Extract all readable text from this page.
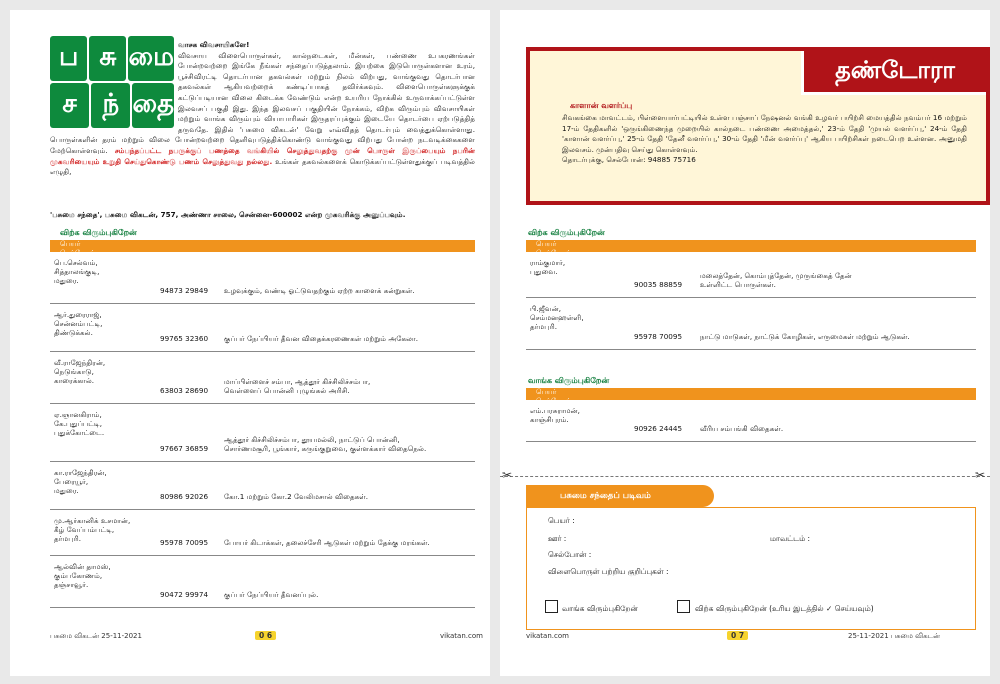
ப சு மை
ச ந் தை
வாசக விவசாயிகளே!
விவசாய விளைபொருள்கள், கால்நடைகள், மீன்கள், பண்ணை உபகரணங்கள் போன்றவற்றை இங்கே நீங்கள் சந்தைப்படுத்தலாம். இயற்கை இடுபொருள்களான உரம், பூச்சிவிரட்டி தொடர்பான தகவல்கள் மற்றும் நிலம் விற்பது, வாங்குவது தொடர்பான தகவல்கள் ஆகியவற்றைக் கண்டிப்பாகத் தவிர்க்கவும். விளைபொருள்களுக்குக் கட்டுப்படியான விலை கிடைக்க வேண்டும் என்ற உயரிய நோக்கில் உருவாக்கப்பட்டுள்ள இலவசப் பகுதி இது. இந்த இலவசப் பகுதியின் நோக்கம், விற்க விரும்பும் விவசாயிகள் மற்றும் வாங்க விரும்பும் வியாபாரிகள் இருதரப்புக்கும் இடையே தொடர்பை ஏற்படுத்தித் தருவதே. இதில் 'பசுமை விகடன்' வேறு எவ்விதத் தொடர்பும் வைத்துக்கொள்ளாது. பொருள்களின் தரம் மற்றும் விலை போன்றவற்றை தெளிவுபடுத்திக்கொண்டு வாங்குவது விற்பது போன்ற நடவடிக்கைகளை மேற்கொள்ளவும். சம்பந்தப்பட்ட நபருக்குப் பணத்தை வங்கியில் செலுத்துவதற்கு முன் பொருள் இருப்பையும் நபரின் முகவரியையும் உறுதி செய்துகொண்டு பணம் செலுத்துவது நல்லது. உங்கள் தகவல்களைக் கொடுக்கப்பட்டுள்ளதுக்குப் படிவத்தில் எழுதி,
'பசுமை சந்தை', பசுமை விகடன், 757, அண்ணா சாலை, சென்னை-600002 என்ற முகவரிக்கு அனுப்பவும்.
விற்க விரும்புகிறேன்
பெயர்
செல்போன்
விளைபொருள்கள்
பெ.செல்வம்,
சித்தாலங்குடி,
மதுரை.
94873 29849	உழவுக்கும், வண்டி ஓட்டுவதற்கும் ஏற்ற காளைக் கன்றுகள்.
ஆர்.துரைராஜ்,
சென்னம்பட்டி,
திண்டுக்கல்.
99765 32360	குப்பர் நேப்பியர் தீவன விதைக்கரணைகள் மற்றும் அகேலா.
வீ.ராஜேந்திரன்,
நெடுங்காடு,
காரைக்கால்.
63803 28690
மாப்பிள்ளைச் சம்பா, ஆத்தூர் கிச்சிலிச்சம்பா,
வெள்ளைப் பொன்னி புழுங்கல் அரிசி.
ஏ.ஞானகிராம்,
கே.புதுப்பட்டி,
புதுக்கோட்டை.
97667 36859
ஆத்தூர் கிச்சிலிச்சம்பா, தூயமல்லி, நாட்டுப் பொன்னி,
சொர்ணமசூரி, பூங்கார், கருங்குறுவை, குள்ளக்கார் விதைநெல்.
கா.ராஜேந்திரன்,
பேரையூர்,
மதுரை.
80986 92026	கோ.1 மற்றும் கோ.2 வேலிமசால் விதைகள்.
மு.ஆர்கானிக் உசமான்,
கீழ் வேப்பம்பட்டி,
தர்மபுரி.	95978 70095	போயர் கிடாக்கள், தலைச்சேரி ஆடுகள் மற்றும் தேக்கு மரங்கள்.
ஆல்வின் தாமஸ்,
கும்பகோணம்,
தஞ்சாவூர்.
90472 99974	குப்பர் நேப்பியர் தீவனப்புல்.
தண்டோரா
காளான் வளர்ப்பு
சிவகங்கை மாவட்டம், பிள்ளையார்பட்டியில் உள்ள பஞ்சாப் நேஷனல் வங்கி உழவர் பயிற்சி மையத்தில் நவம்பர் 16 மற்றும் 17-ம் தேதிகளில் 'ஒருங்கிணைந்த முறையில் கால்நடை பண்ணை அமைத்தல்,' 23-ம் தேதி 'முயல் வளர்ப்பு,' 24-ம் தேதி 'காளான் வளர்ப்பு,' 25-ம் தேதி 'தேனீ வளர்ப்பு,' 30-ம் தேதி 'மீன் வளர்ப்பு' ஆகிய பயிற்சிகள் நடைபெற உள்ளன. அனுமதி இலவசம். முன்பதிவு செய்து கொள்ளவும்.
தொடர்புக்கு, செல்போன்: 94885 75716
விற்க விரும்புகிறேன்
பெயர்
செல்போன்
விளைபொருள்கள்
ராம்குமார்,
புதுவை.
90035 88859
மலைத்தேன், கொம்புத்தேன், முருங்கைத் தேன்
உள்ளிட்ட பொருள்கள்.
பி.ஜீவன்,
செம்மனஹள்ளி,
தர்மபுரி.
95978 70095	நாட்டு மாடுகள், நாட்டுக் கோழிகள், எருமைகள் மற்றும் ஆடுகள்.
வாங்க விரும்புகிறேன்
பெயர்
செல்போன்
விளைபொருள்கள்
எம்.பரசுராமன்,
காஞ்சிபுரம்.
90926 24445	வீரிய சம்பங்கி விதைகள்.
✂	✂
பசுமை சந்தைப் படிவம்
பெயர் :
ஊர் :	மாவட்டம் :
செல்போன் :
விளைபொருள் பற்றிய குறிப்புகள் :
வாங்க விரும்புகிறேன்	விற்க விரும்புகிறேன் (உரிய இடத்தில் ✓ செய்யவும்)
பசுமை விகடன் 25-11-2021	0 6	vikatan.com	vikatan.com	0 7	25-11-2021 பசுமை விகடன்
